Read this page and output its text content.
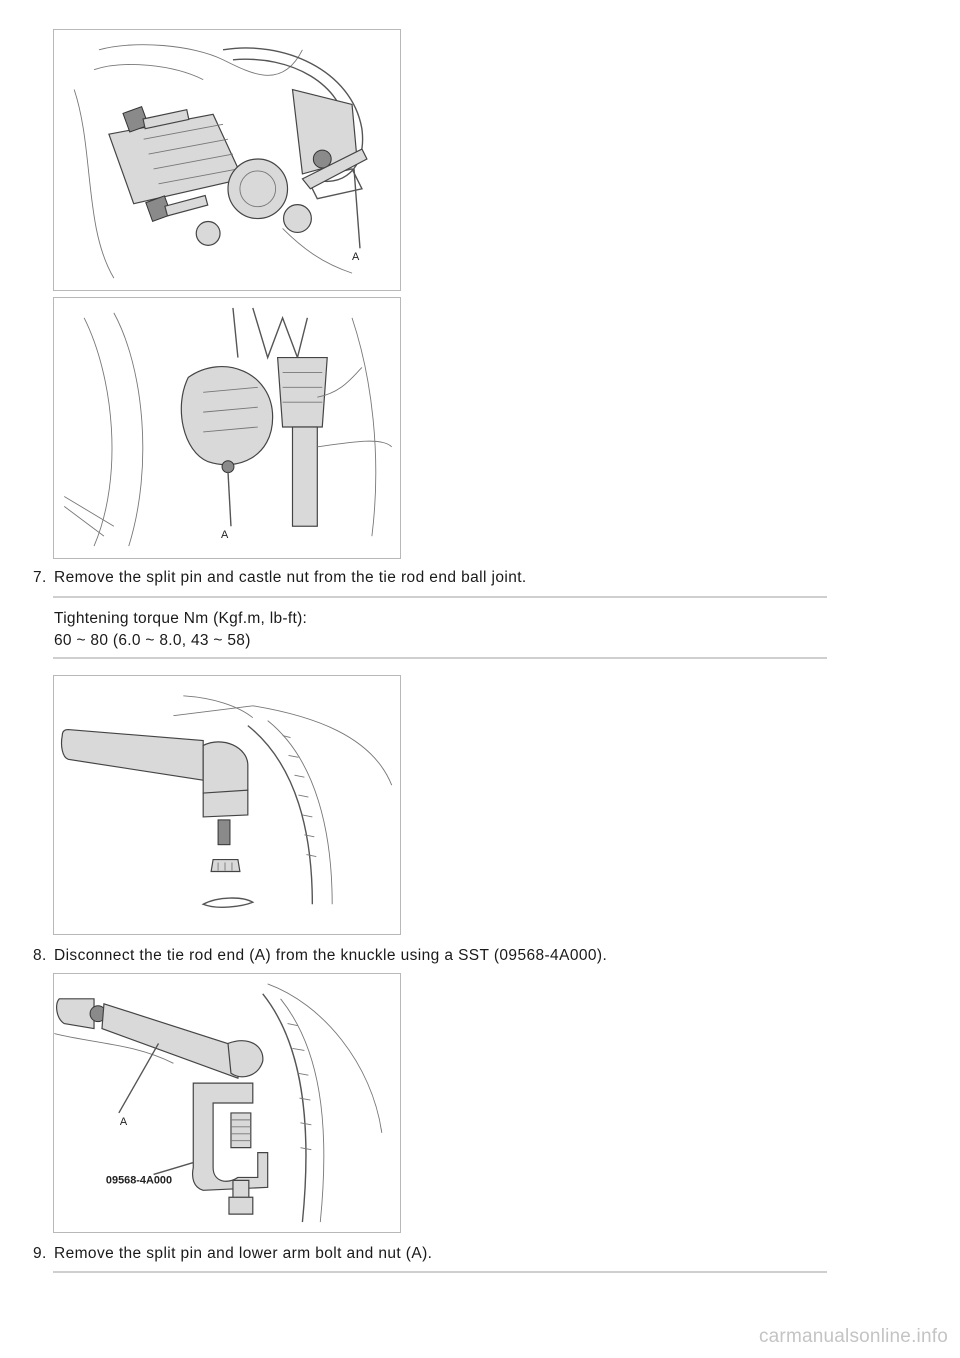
A
A
7. Remove the split pin and castle nut from the tie rod end ball joint.
Tightening torque Nm (Kgf.m, lb-ft):
60 ~ 80 (6.0 ~ 8.0, 43 ~ 58)
8. Disconnect the tie rod end (A) from the knuckle using a SST (09568-4A000).
A
09568-4A000
9. Remove the split pin and lower arm bolt and nut (A).
carmanualsonline.info
